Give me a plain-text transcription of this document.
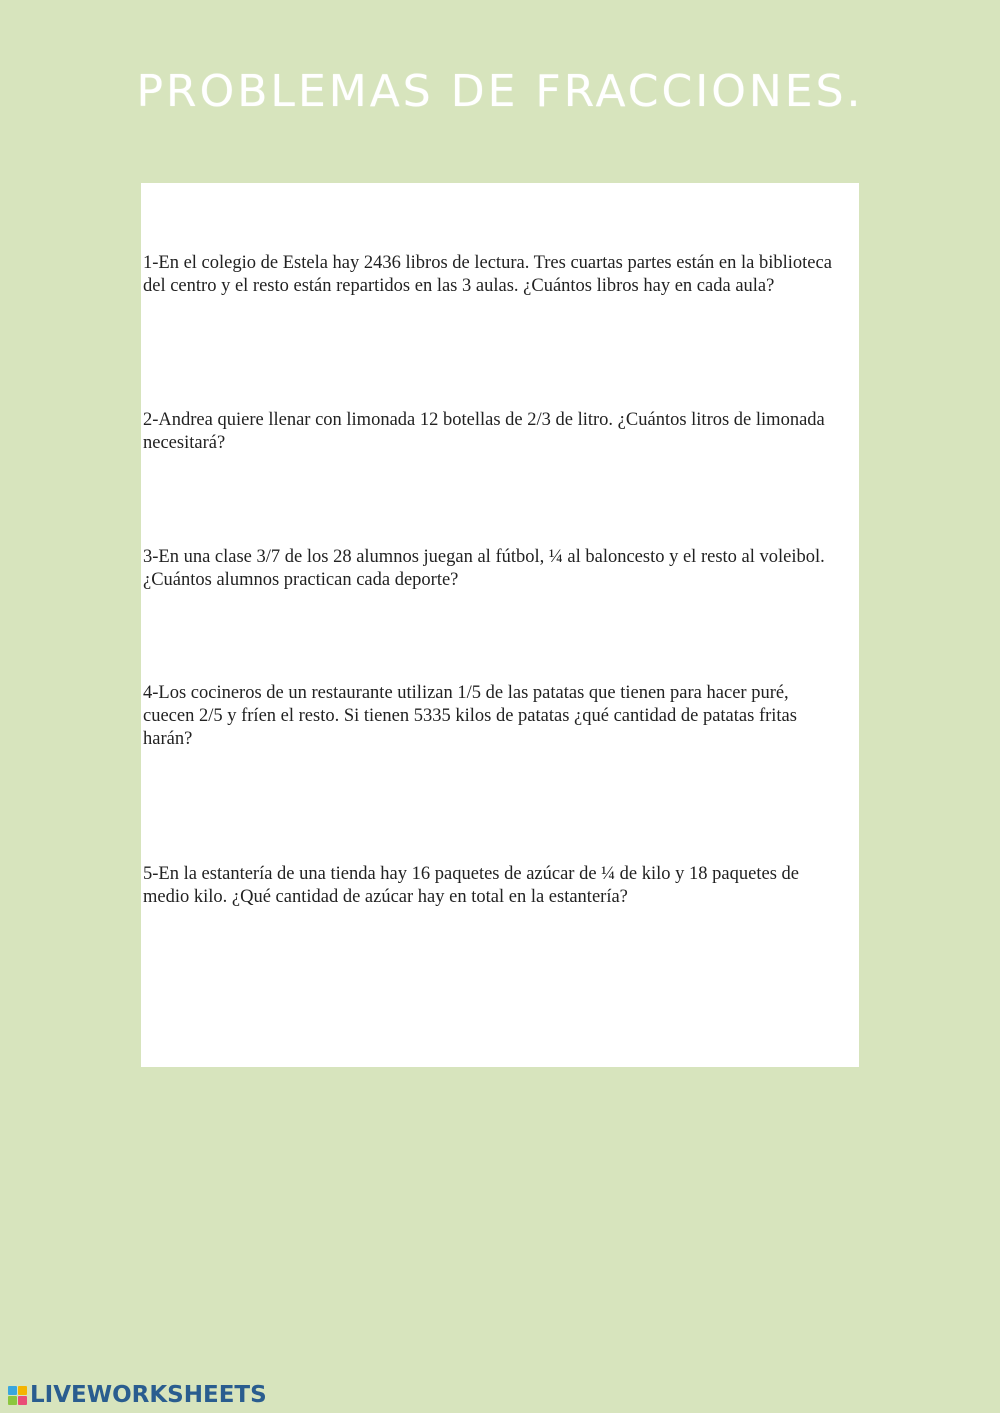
PROBLEMAS DE FRACCIONES.

1-En el colegio de Estela hay 2436 libros de lectura. Tres cuartas partes están en la biblioteca del centro y el resto están repartidos en las 3 aulas. ¿Cuántos libros hay en cada aula?

2-Andrea quiere llenar con limonada 12 botellas de 2/3 de litro. ¿Cuántos litros de limonada necesitará?

3-En una clase 3/7 de los 28 alumnos juegan al fútbol, ¼ al baloncesto y el resto al voleibol. ¿Cuántos alumnos practican cada deporte?

4-Los cocineros de un restaurante utilizan 1/5 de las patatas que tienen para hacer puré, cuecen 2/5 y fríen el resto. Si tienen 5335 kilos de patatas ¿qué cantidad de patatas fritas harán?

5-En la estantería de una tienda hay 16 paquetes de azúcar de ¼ de kilo y 18 paquetes de medio kilo. ¿Qué cantidad de azúcar hay en total en la estantería?

LIVEWORKSHEETS
